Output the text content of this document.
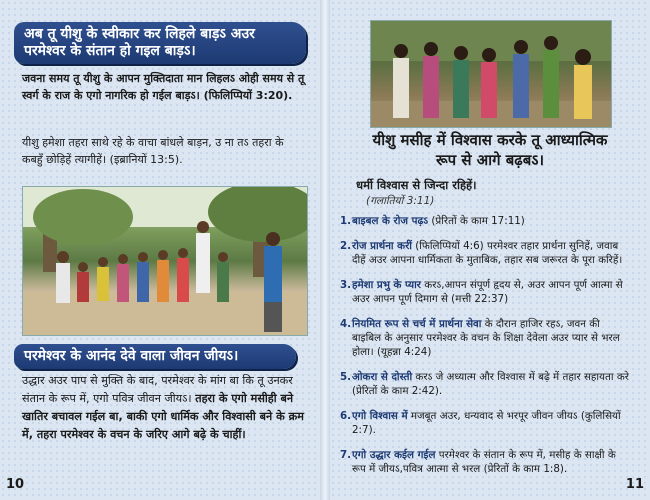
अब तू यीशु के स्वीकार कर लिहले बाड़ऽ अउर परमेश्वर के संतान हो गइल बाड़ऽ।
जवना समय तू यीशु के आपन मुक्तिदाता मान लिहलऽ ओही समय से तू स्वर्ग के राज के एगो नागरिक हो गईल बाड़ऽ। (फिलिप्पियों 3:20).
यीशु हमेशा तहरा साथे रहे के वाचा बांधले बाड़न, उ ना तऽ तहरा के कबहुँ छोड़िहें त्यागीहें। (इब्रानियों 13:5).
परमेश्वर के आनंद देवे वाला जीवन जीयऽ।
उद्धार अउर पाप से मुक्ति के बाद, परमेश्वर के मांग बा कि तू उनकर संतान के रूप में, एगो पवित्र जीवन जीयऽ। तहरा के एगो मसीही बने खातिर बचावल गईल बा, बाकी एगो धार्मिक और विश्वासी बने के क्रम में, तहरा परमेश्वर के वचन के जरिए आगे बढ़े के चाहीं।
10
यीशु मसीह में विश्वास करके तू आध्यात्मिक रूप से आगे बढ़बऽ।
धर्मी विश्वास से जिन्दा रहिहें।
(गलातियों 3:11)
1. बाइबल के रोज पढ़ऽ (प्रेरितों के काम 17:11)
2. रोज प्रार्थना करीं (फिलिप्पियों 4:6) परमेश्वर तहार प्रार्थना सुनिहें, जवाब दीहें अउर आपना धार्मिकता के मुताबिक, तहार सब जरूरत के पूरा करिहें।
3. हमेशा प्रभु के प्यार करऽ,आपन संपूर्ण हृदय से, अउर आपन पूर्ण आत्मा से अउर आपन पूर्ण दिमाग से (मत्ती 22:37)
4. नियमित रूप से चर्च में प्रार्थना सेवा के दौरान हाजिर रहऽ, जवन की बाइबिल के अनुसार परमेश्वर के वचन के शिक्षा देवेला अउर प्यार से भरल होला। (यूहन्ना 4:24)
5. ओकरा से दोस्ती करऽ जे अध्यात्म और विश्वास में बढ़े में तहार सहायता करे (प्रेरितों के काम 2:42).
6. एगो विश्वास में मजबूत अउर, धन्यवाद से भरपूर जीवन जीयऽ (कुलिसियों 2:7).
7. एगो उद्धार कईल गईल परमेश्वर के संतान के रूप में, मसीह के साक्षी के रूप में जीयऽ,पवित्र आत्मा से भरल (प्रेरितों के काम 1:8).
11
